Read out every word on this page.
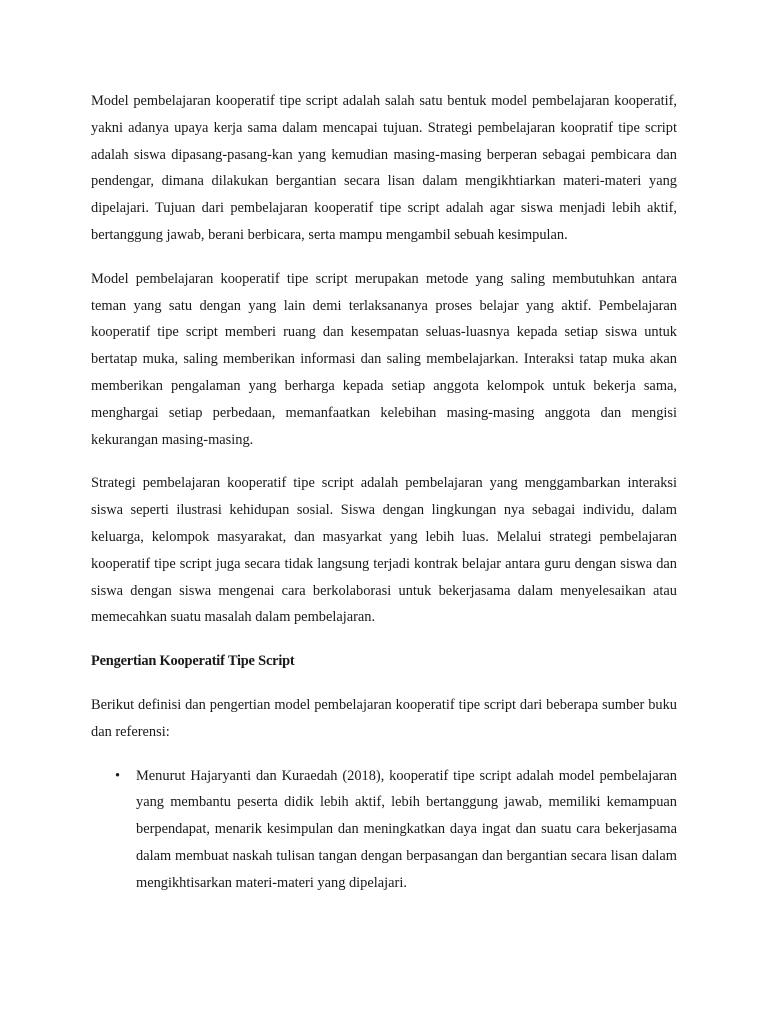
Model pembelajaran kooperatif tipe script adalah salah satu bentuk model pembelajaran kooperatif, yakni adanya upaya kerja sama dalam mencapai tujuan. Strategi pembelajaran koopratif tipe script adalah siswa dipasang-pasang-kan yang kemudian masing-masing berperan sebagai pembicara dan pendengar, dimana dilakukan bergantian secara lisan dalam mengikhtiarkan materi-materi yang dipelajari. Tujuan dari pembelajaran kooperatif tipe script adalah agar siswa menjadi lebih aktif, bertanggung jawab, berani berbicara, serta mampu mengambil sebuah kesimpulan.

Model pembelajaran kooperatif tipe script merupakan metode yang saling membutuhkan antara teman yang satu dengan yang lain demi terlaksananya proses belajar yang aktif. Pembelajaran kooperatif tipe script memberi ruang dan kesempatan seluas-luasnya kepada setiap siswa untuk bertatap muka, saling memberikan informasi dan saling membelajarkan. Interaksi tatap muka akan memberikan pengalaman yang berharga kepada setiap anggota kelompok untuk bekerja sama, menghargai setiap perbedaan, memanfaatkan kelebihan masing-masing anggota dan mengisi kekurangan masing-masing.

Strategi pembelajaran kooperatif tipe script adalah pembelajaran yang menggambarkan interaksi siswa seperti ilustrasi kehidupan sosial. Siswa dengan lingkungan nya sebagai individu, dalam keluarga, kelompok masyarakat, dan masyarkat yang lebih luas. Melalui strategi pembelajaran kooperatif tipe script juga secara tidak langsung terjadi kontrak belajar antara guru dengan siswa dan siswa dengan siswa mengenai cara berkolaborasi untuk bekerjasama dalam menyelesaikan atau memecahkan suatu masalah dalam pembelajaran.

Pengertian Kooperatif Tipe Script

Berikut definisi dan pengertian model pembelajaran kooperatif tipe script dari beberapa sumber buku dan referensi:

• Menurut Hajaryanti dan Kuraedah (2018), kooperatif tipe script adalah model pembelajaran yang membantu peserta didik lebih aktif, lebih bertanggung jawab, memiliki kemampuan berpendapat, menarik kesimpulan dan meningkatkan daya ingat dan suatu cara bekerjasama dalam membuat naskah tulisan tangan dengan berpasangan dan bergantian secara lisan dalam mengikhtisarkan materi-materi yang dipelajari.
